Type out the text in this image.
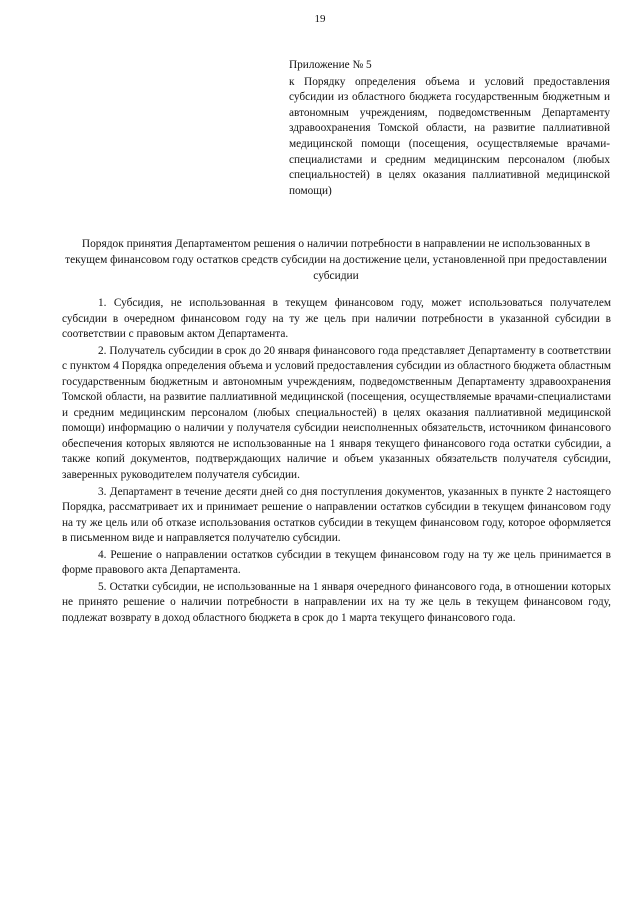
19

Приложение № 5

к Порядку определения объема и условий предоставления субсидии из областного бюджета государственным бюджетным и автономным учреждениям, подведомственным Департаменту здравоохранения Томской области, на развитие паллиативной медицинской помощи (посещения, осуществляемые врачами-специалистами и средним медицинским персоналом (любых специальностей) в целях оказания паллиативной медицинской помощи)

Порядок принятия Департаментом решения о наличии потребности в направлении не использованных в текущем финансовом году остатков средств субсидии на достижение цели, установленной при предоставлении субсидии

1. Субсидия, не использованная в текущем финансовом году, может использоваться получателем субсидии в очередном финансовом году на ту же цель при наличии потребности в указанной субсидии в соответствии с правовым актом Департамента.

2. Получатель субсидии в срок до 20 января финансового года представляет Департаменту в соответствии с пунктом 4 Порядка определения объема и условий предоставления субсидии из областного бюджета областным государственным бюджетным и автономным учреждениям, подведомственным Департаменту здравоохранения Томской области, на развитие паллиативной медицинской (посещения, осуществляемые врачами-специалистами и средним медицинским персоналом (любых специальностей) в целях оказания паллиативной медицинской помощи) информацию о наличии у получателя субсидии неисполненных обязательств, источником финансового обеспечения которых являются не использованные на 1 января текущего финансового года остатки субсидии, а также копий документов, подтверждающих наличие и объем указанных обязательств получателя субсидии, заверенных руководителем получателя субсидии.

3. Департамент в течение десяти дней со дня поступления документов, указанных в пункте 2 настоящего Порядка, рассматривает их и принимает решение о направлении остатков субсидии в текущем финансовом году на ту же цель или об отказе использования остатков субсидии в текущем финансовом году, которое оформляется в письменном виде и направляется получателю субсидии.

4. Решение о направлении остатков субсидии в текущем финансовом году на ту же цель принимается в форме правового акта Департамента.

5. Остатки субсидии, не использованные на 1 января очередного финансового года, в отношении которых не принято решение о наличии потребности в направлении их на ту же цель в текущем финансовом году, подлежат возврату в доход областного бюджета в срок до 1 марта текущего финансового года.
